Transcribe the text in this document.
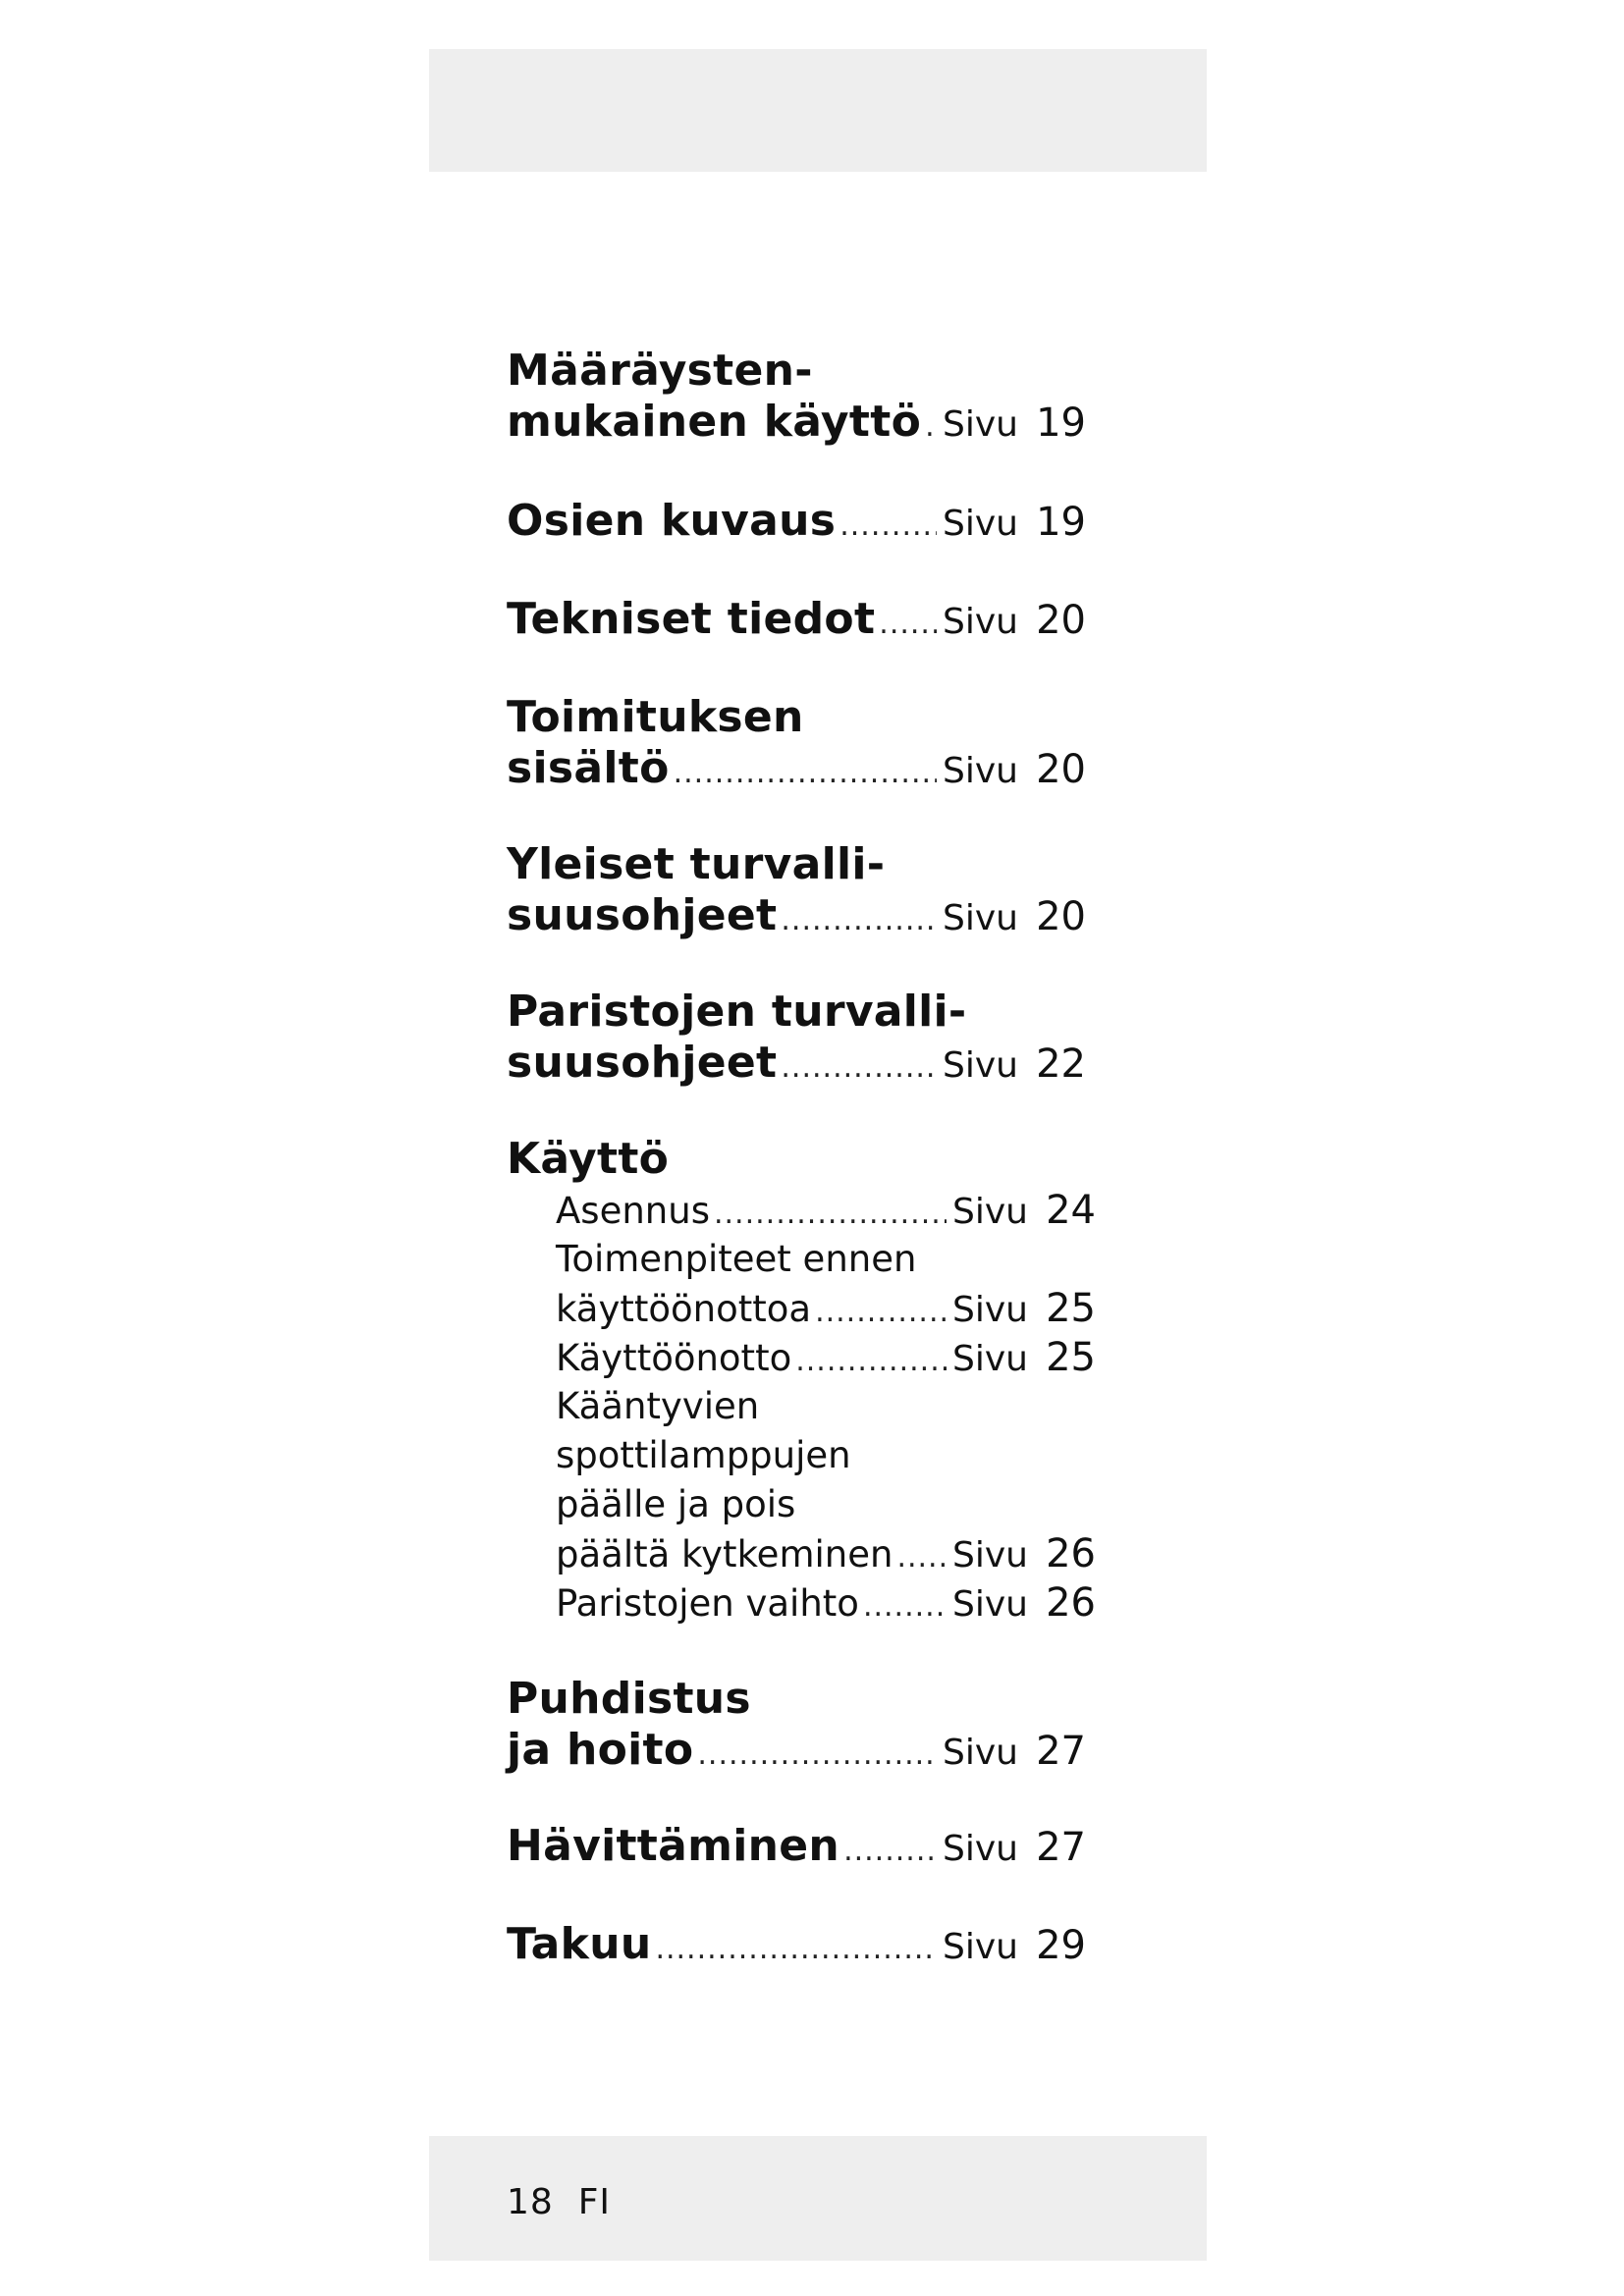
Määräysten-
mukainen käyttö ..... Sivu 19
Osien kuvaus .....	Sivu 19
Tekniset tiedot ..... Sivu 20
Toimituksen
sisältö .....	Sivu 20
Yleiset turvalli-
suusohjeet .....	Sivu 20
Paristojen turvalli-
suusohjeet .....	Sivu 22
Käyttö
Asennus .....	Sivu 24
Toimenpiteet ennen
käyttöönottoa .....	Sivu 25
Käyttöönotto .....	Sivu 25
Kääntyvien
spottilamppujen
päälle ja pois
päältä kytkeminen ..... Sivu 26
Paristojen vaihto .....	Sivu 26
Puhdistus
ja hoito .....	Sivu 27
Hävittäminen .....	Sivu 27
Takuu .....	Sivu 29
18 FI
